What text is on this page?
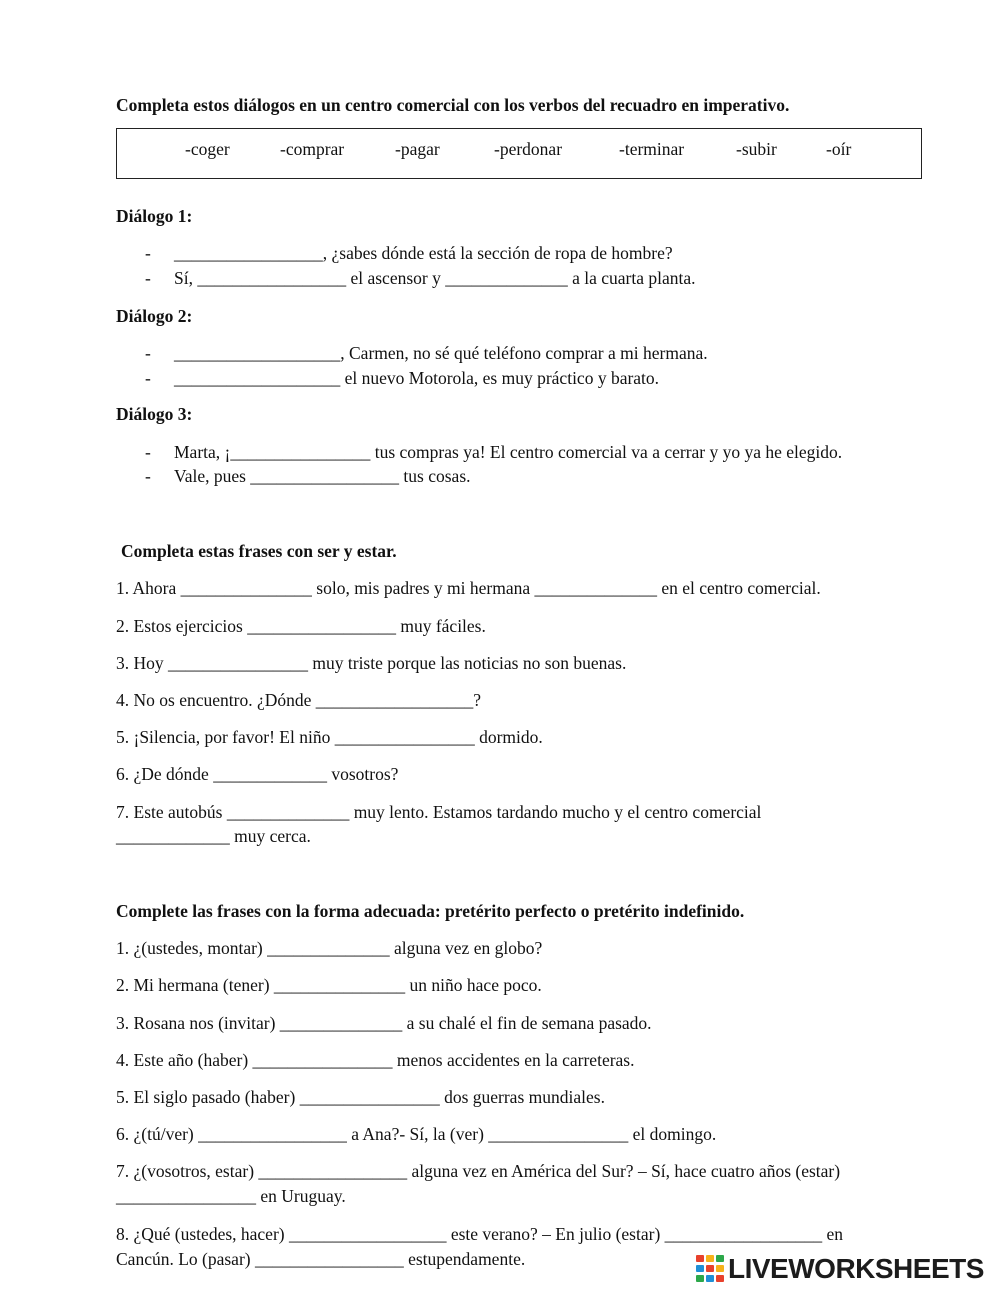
Completa estos diálogos en un centro comercial con los verbos del recuadro en imperativo.
-coger	-comprar	-pagar	-perdonar	-terminar	-subir	-oír
Diálogo 1:
- _________________, ¿sabes dónde está la sección de ropa de hombre?
- Sí, _________________ el ascensor y ______________ a la cuarta planta.
Diálogo 2:
- ___________________, Carmen, no sé qué teléfono comprar a mi hermana.
- ___________________ el nuevo Motorola, es muy práctico y barato.
Diálogo 3:
- Marta, ¡________________ tus compras ya! El centro comercial va a cerrar y yo ya he elegido.
- Vale, pues _________________ tus cosas.
Completa estas frases con ser y estar.
1. Ahora _______________ solo, mis padres y mi hermana ______________ en el centro comercial.
2. Estos ejercicios _________________ muy fáciles.
3. Hoy ________________ muy triste porque las noticias no son buenas.
4. No os encuentro. ¿Dónde __________________?
5. ¡Silencia, por favor! El niño ________________ dormido.
6. ¿De dónde _____________ vosotros?
7. Este autobús ______________ muy lento. Estamos tardando mucho y el centro comercial
_____________ muy cerca.
Complete las frases con la forma adecuada: pretérito perfecto o pretérito indefinido.
1. ¿(ustedes, montar) ______________ alguna vez en globo?
2. Mi hermana (tener) _______________ un niño hace poco.
3. Rosana nos (invitar) ______________ a su chalé el fin de semana pasado.
4. Este año (haber) ________________ menos accidentes en la carreteras.
5. El siglo pasado (haber) ________________ dos guerras mundiales.
6. ¿(tú/ver) _________________ a Ana?- Sí, la (ver) ________________ el domingo.
7. ¿(vosotros, estar) _________________ alguna vez en América del Sur? – Sí, hace cuatro años (estar)
________________ en Uruguay.
8. ¿Qué (ustedes, hacer) __________________ este verano? – En julio (estar) __________________ en
Cancún. Lo (pasar) _________________ estupendamente.	LIVEWORKSHEETS
